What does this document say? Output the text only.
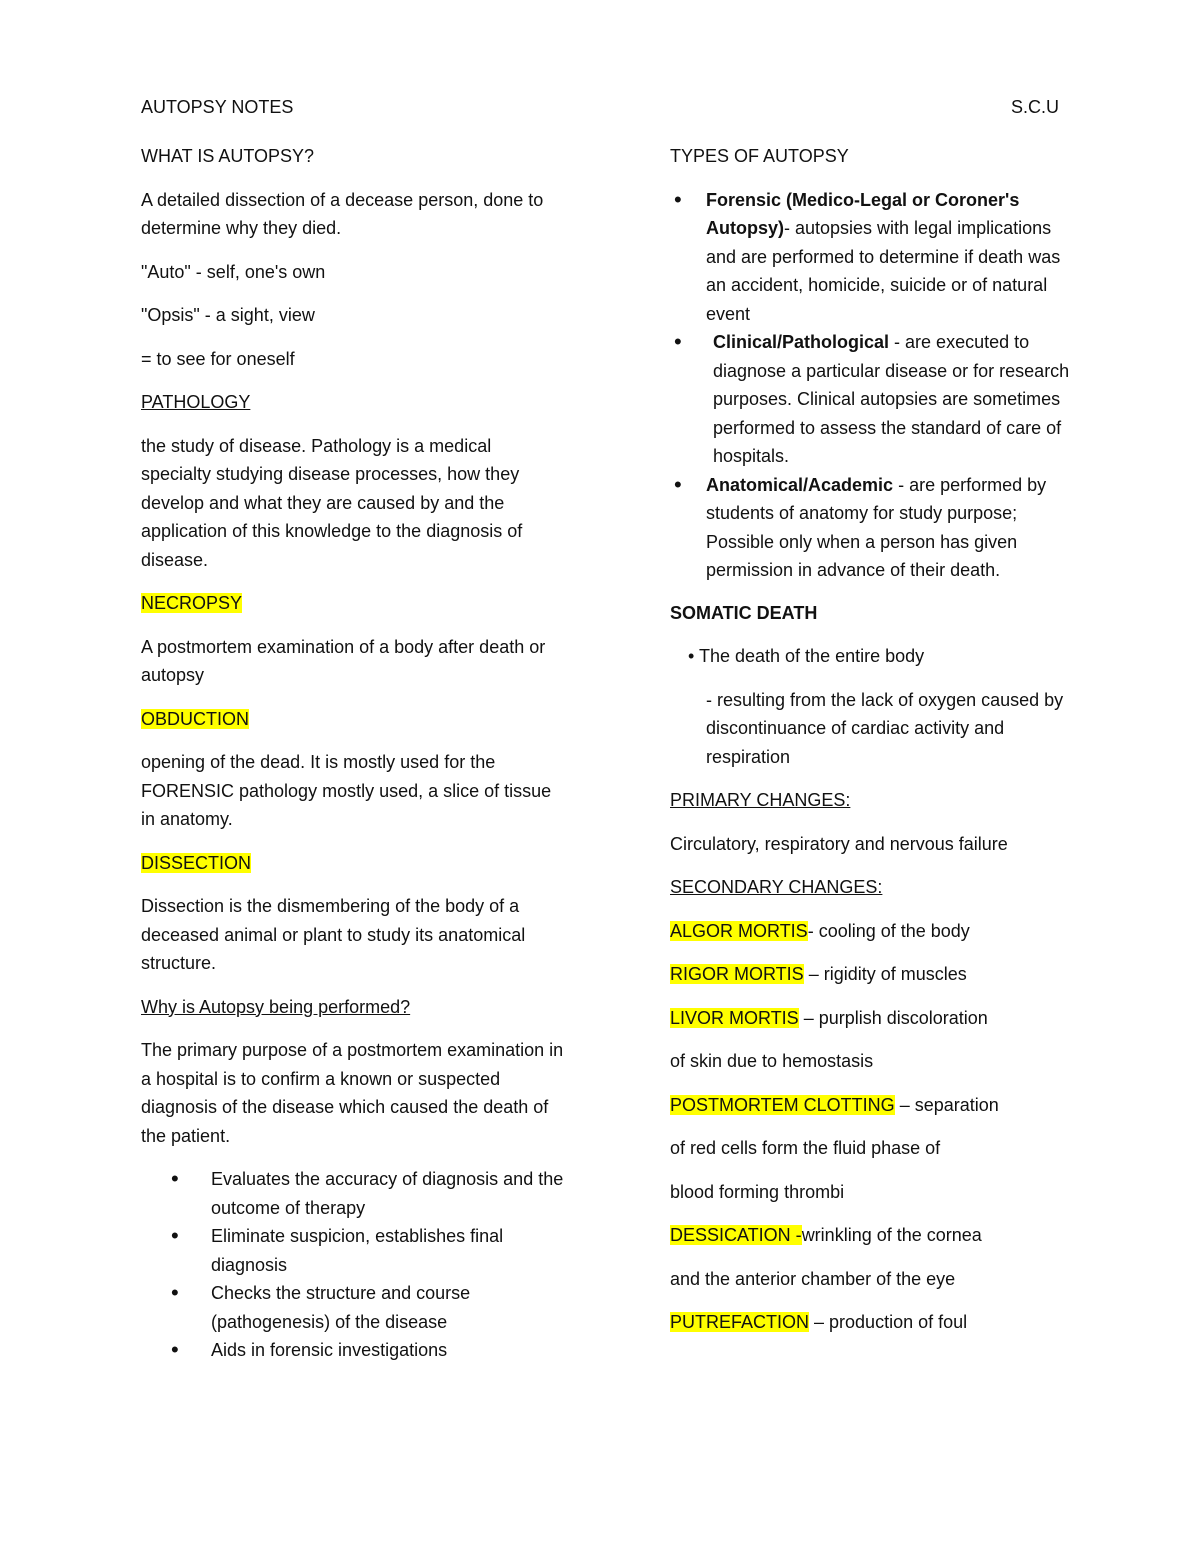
AUTOPSY NOTES	S.C.U

WHAT IS AUTOPSY?

A detailed dissection of a decease person, done to determine why they died.

"Auto" - self, one's own

"Opsis" - a sight, view

= to see for oneself

PATHOLOGY

the study of disease. Pathology is a medical specialty studying disease processes, how they develop and what they are caused by and the application of this knowledge to the diagnosis of disease.

NECROPSY

A postmortem examination of a body after death or autopsy

OBDUCTION

opening of the dead. It is mostly used for the FORENSIC pathology mostly used, a slice of tissue in anatomy.

DISSECTION

Dissection is the dismembering of the body of a deceased animal or plant to study its anatomical structure.

Why is Autopsy being performed?

The primary purpose of a postmortem examination in a hospital is to confirm a known or suspected diagnosis of the disease which caused the death of the patient.

• Evaluates the accuracy of diagnosis and the outcome of therapy
• Eliminate suspicion, establishes final diagnosis
• Checks the structure and course (pathogenesis) of the disease
• Aids in forensic investigations

TYPES OF AUTOPSY

• Forensic (Medico-Legal or Coroner's Autopsy)- autopsies with legal implications and are performed to determine if death was an accident, homicide, suicide or of natural event
• Clinical/Pathological - are executed to diagnose a particular disease or for research purposes. Clinical autopsies are sometimes performed to assess the standard of care of hospitals.
• Anatomical/Academic - are performed by students of anatomy for study purpose; Possible only when a person has given permission in advance of their death.

SOMATIC DEATH

• The death of the entire body

- resulting from the lack of oxygen caused by discontinuance of cardiac activity and respiration

PRIMARY CHANGES:

Circulatory, respiratory and nervous failure

SECONDARY CHANGES:

ALGOR MORTIS- cooling of the body

RIGOR MORTIS – rigidity of muscles

LIVOR MORTIS – purplish discoloration

of skin due to hemostasis

POSTMORTEM CLOTTING – separation

of red cells form the fluid phase of

blood forming thrombi

DESSICATION -wrinkling of the cornea

and the anterior chamber of the eye

PUTREFACTION – production of foul
